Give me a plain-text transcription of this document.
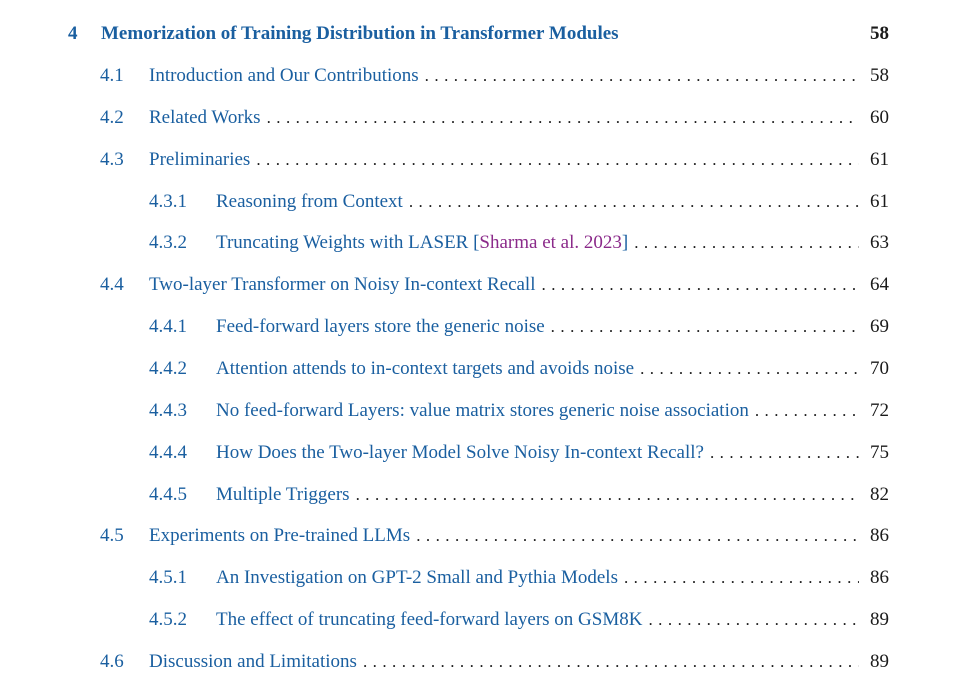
4 Memorization of Training Distribution in Transformer Modules	58
4.1 Introduction and Our Contributions . . .	58
4.2 Related Works . . .	60
4.3 Preliminaries . . .	61
4.3.1 Reasoning from Context . . .	61
4.3.2 Truncating Weights with LASER [Sharma et al. 2023] . . .	63
4.4 Two-layer Transformer on Noisy In-context Recall . . .	64
4.4.1 Feed-forward layers store the generic noise . . .	69
4.4.2 Attention attends to in-context targets and avoids noise . . .	70
4.4.3 No feed-forward Layers: value matrix stores generic noise association . . .	72
4.4.4 How Does the Two-layer Model Solve Noisy In-context Recall? . . .	75
4.4.5 Multiple Triggers . . .	82
4.5 Experiments on Pre-trained LLMs . . .	86
4.5.1 An Investigation on GPT-2 Small and Pythia Models . . .	86
4.5.2 The effect of truncating feed-forward layers on GSM8K . . .	89
4.6 Discussion and Limitations . . .	89
